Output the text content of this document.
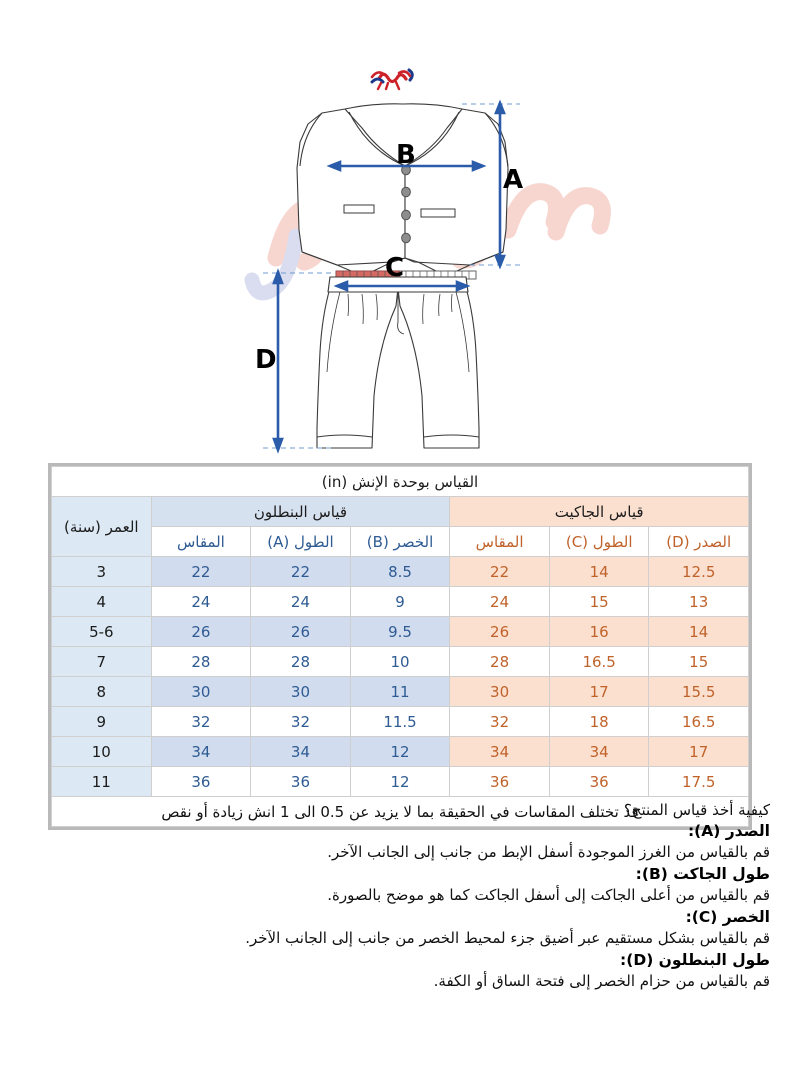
A
B
C
D
القياس بوحدة الإنش (in)						
قياس الجاكيت			قياس البنطلون			العمر (سنة)
الصدر (D)	الطول (C)	المقاس	الخصر (B)	الطول (A)	المقاس	
12.5	14	22	8.5	22	22	3
13	15	24	9	24	24	4
14	16	26	9.5	26	26	5-6
15	16.5	28	10	28	28	7
15.5	17	30	11	30	30	8
16.5	18	32	11.5	32	32	9
17	34	34	12	34	34	10
17.5	36	36	12	36	36	11
قد تختلف المقاسات في الحقيقة بما لا يزيد عن 0.5 الى 1 انش زيادة أو نقص						

كيفية أخذ قياس المنتج؟

الصدر (A):

قم بالقياس من الغرز الموجودة أسفل الإبط من جانب إلى الجانب الآخر.

طول الجاكت (B):

قم بالقياس من أعلى الجاكت إلى أسفل الجاكت كما هو موضح بالصورة.

الخصر (C):

قم بالقياس بشكل مستقيم عبر أضيق جزء لمحيط الخصر من جانب إلى الجانب الآخر.

طول البنطلون (D):

قم بالقياس من حزام الخصر إلى فتحة الساق أو الكفة.
